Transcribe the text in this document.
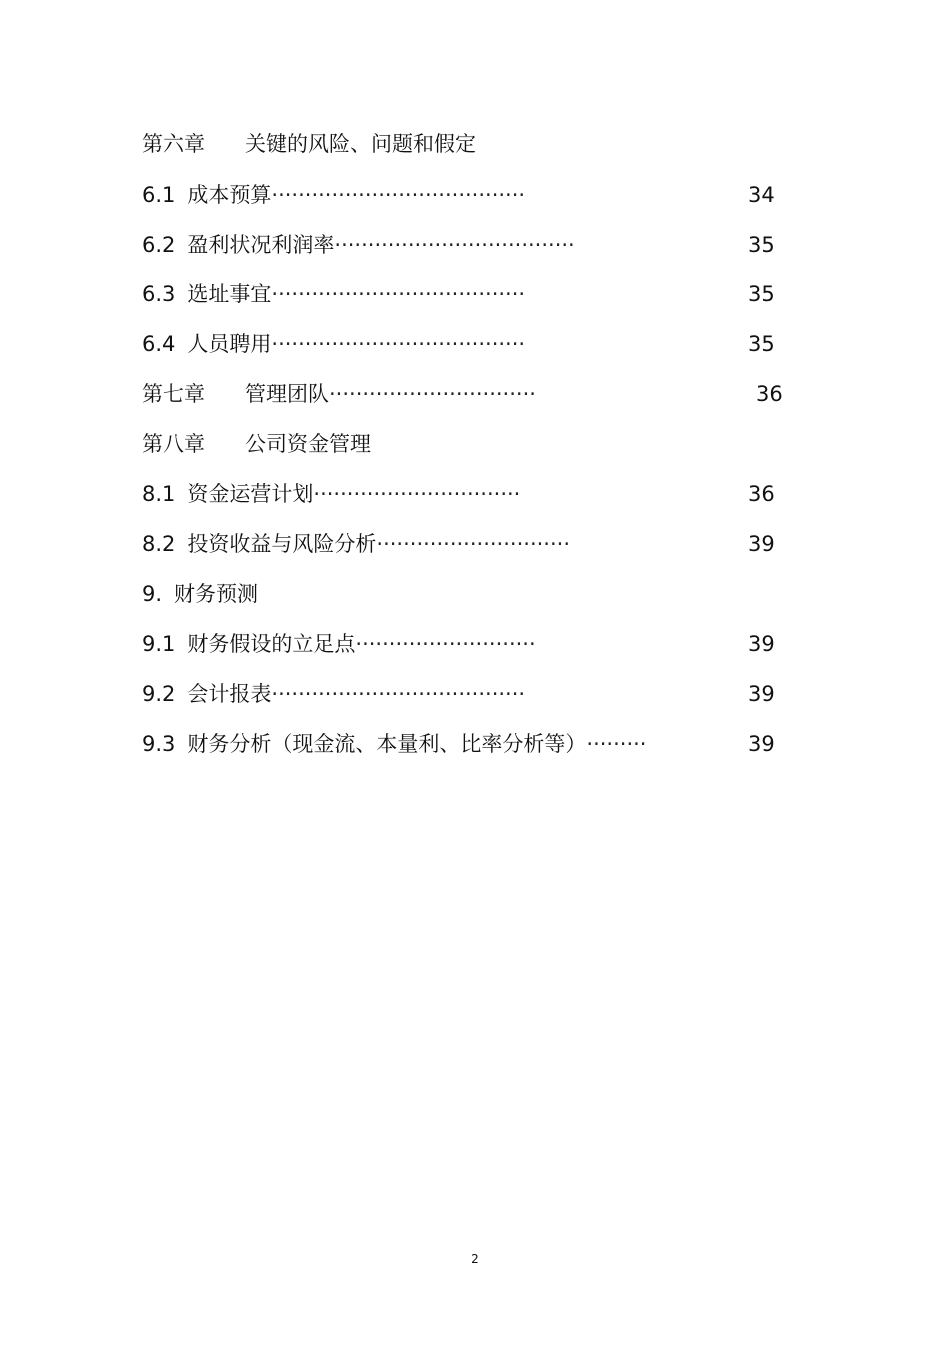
第六章	关键的风险、问题和假定
6.1 成本预算 ······································	34
6.2 盈利状况利润率 ····································	35
6.3 选址事宜 ······································	35
6.4 人员聘用 ······································	35
第七章	管理团队 ·······························	36
第八章	公司资金管理
8.1 资金运营计划 ·······························	36
8.2 投资收益与风险分析 ·····························	39
9. 财务预测
9.1 财务假设的立足点 ···························	39
9.2 会计报表 ······································	39
9.3 财务分析（现金流、本量利、比率分析等） ·········	39
2
